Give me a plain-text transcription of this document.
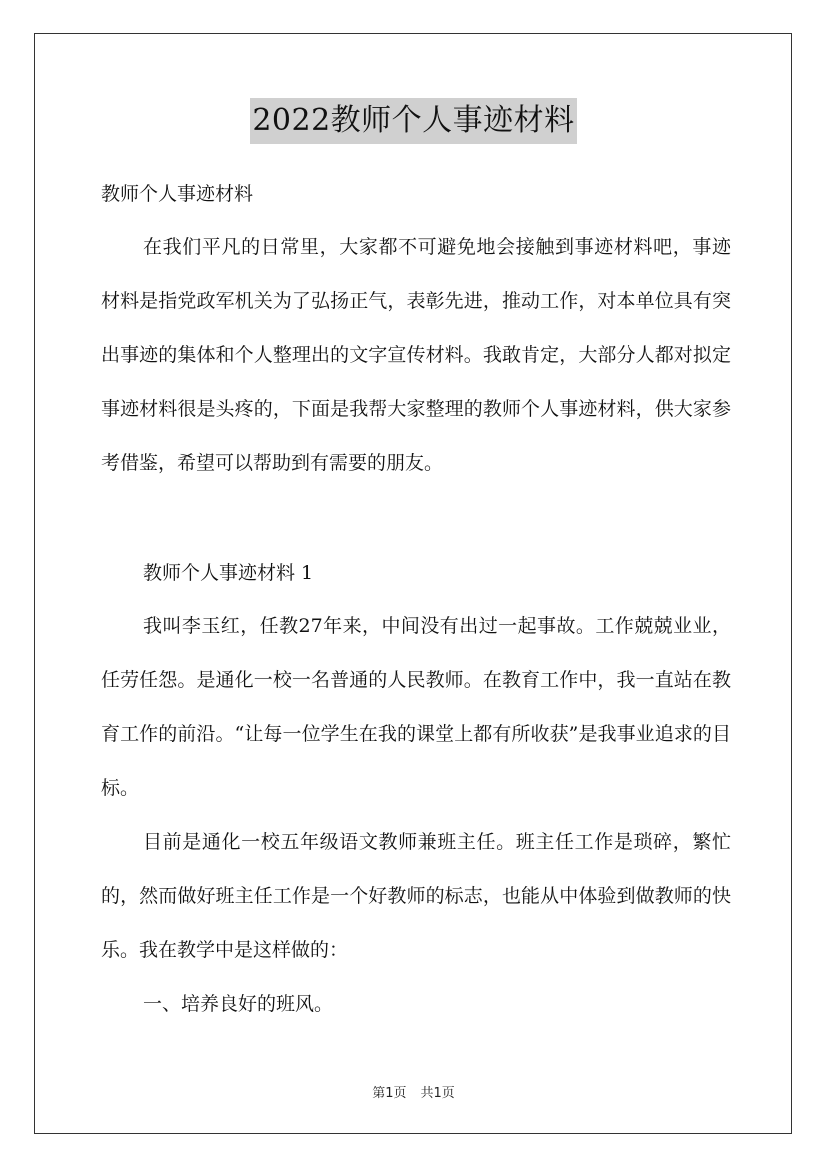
2022教师个人事迹材料
教师个人事迹材料

在我们平凡的日常里，大家都不可避免地会接触到事迹材料吧，事迹材料是指党政军机关为了弘扬正气，表彰先进，推动工作，对本单位具有突出事迹的集体和个人整理出的文字宣传材料。我敢肯定，大部分人都对拟定事迹材料很是头疼的，下面是我帮大家整理的教师个人事迹材料，供大家参考借鉴，希望可以帮助到有需要的朋友。

教师个人事迹材料 1

我叫李玉红，任教27年来，中间没有出过一起事故。工作兢兢业业，任劳任怨。是通化一校一名普通的人民教师。在教育工作中，我一直站在教育工作的前沿。“让每一位学生在我的课堂上都有所收获”是我事业追求的目标。

目前是通化一校五年级语文教师兼班主任。班主任工作是琐碎，繁忙的，然而做好班主任工作是一个好教师的标志，也能从中体验到做教师的快乐。我在教学中是这样做的：

一、培养良好的班风。
第1页 共1页
